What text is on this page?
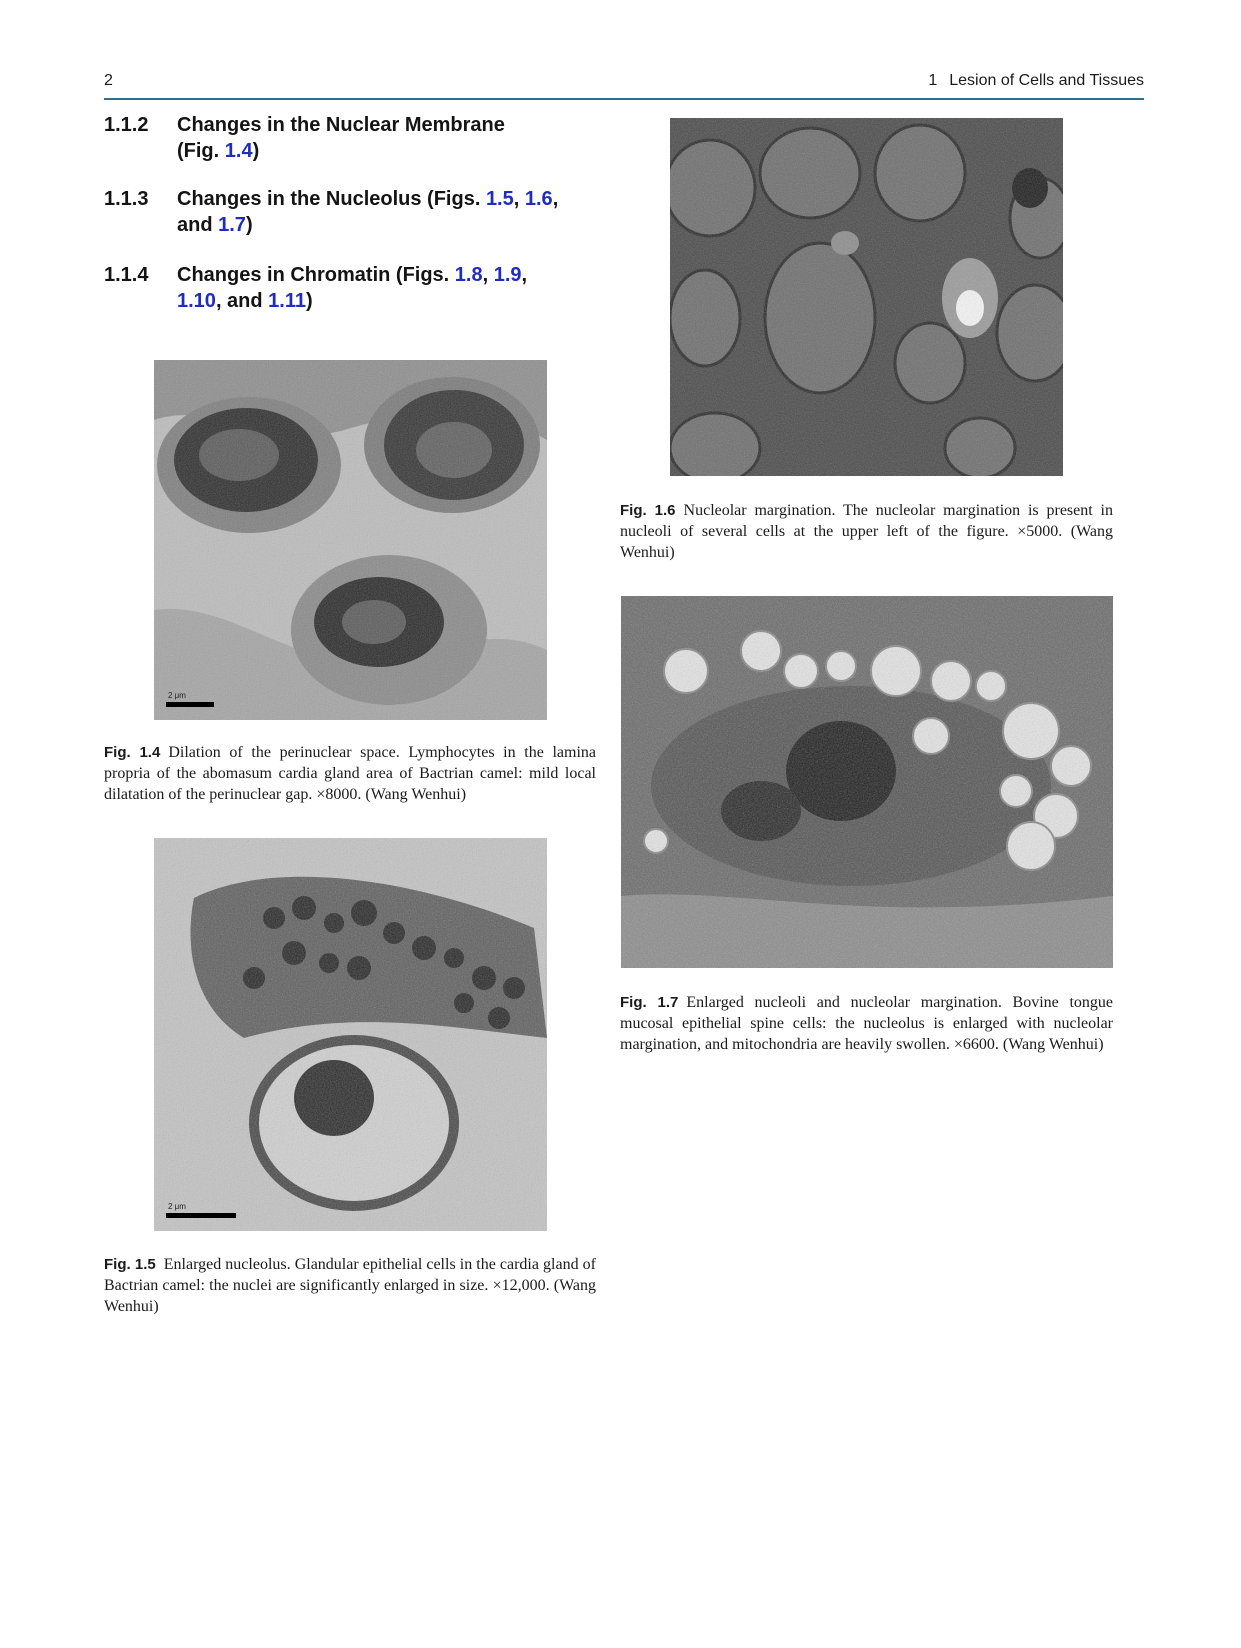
2	1 Lesion of Cells and Tissues
1.1.2	Changes in the Nuclear Membrane
(Fig. 1.4)
1.1.3	Changes in the Nucleolus (Figs. 1.5, 1.6,
and 1.7)
1.1.4	Changes in Chromatin (Figs. 1.8, 1.9,
1.10, and 1.11)
2 μm
Fig. 1.4 Dilation of the perinuclear space. Lymphocytes in the lamina propria of the abomasum cardia gland area of Bactrian camel: mild local dilatation of the perinuclear gap. ×8000. (Wang Wenhui)
2 μm
Fig. 1.5 Enlarged nucleolus. Glandular epithelial cells in the cardia gland of Bactrian camel: the nuclei are significantly enlarged in size. ×12,000. (Wang Wenhui)
Fig. 1.6 Nucleolar margination. The nucleolar margination is present in nucleoli of several cells at the upper left of the figure. ×5000. (Wang Wenhui)
Fig. 1.7 Enlarged nucleoli and nucleolar margination. Bovine tongue mucosal epithelial spine cells: the nucleolus is enlarged with nucleolar margination, and mitochondria are heavily swollen. ×6600. (Wang Wenhui)
